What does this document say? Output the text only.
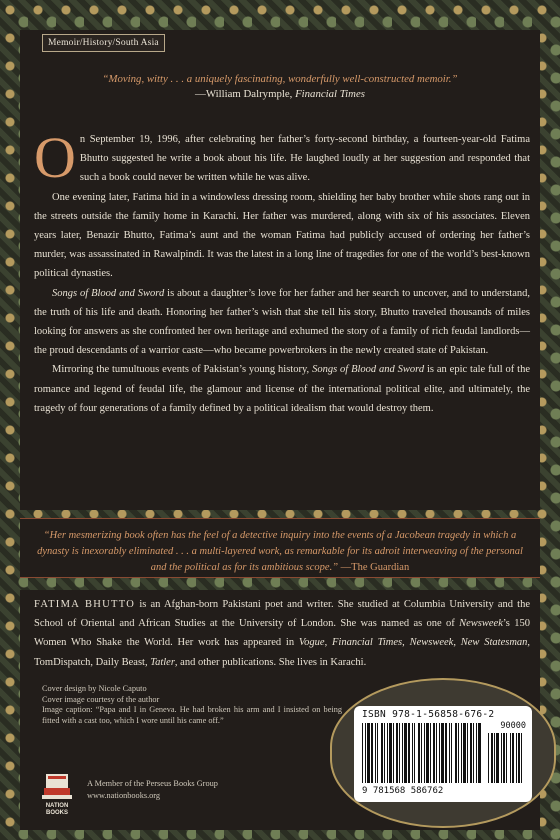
Memoir/History/South Asia
“Moving, witty . . . a uniquely fascinating, wonderfully well-constructed memoir.”
—William Dalrymple, Financial Times

On September 19, 1996, after celebrating her father’s forty-second birthday, a fourteen-year-old Fatima Bhutto suggested he write a book about his life. He laughed loudly at her suggestion and responded that such a book could never be written while he was alive.

One evening later, Fatima hid in a windowless dressing room, shielding her baby brother while shots rang out in the streets outside the family home in Karachi. Her father was murdered, along with six of his associates. Eleven years later, Benazir Bhutto, Fatima’s aunt and the woman Fatima had publicly accused of ordering her father’s murder, was assassinated in Rawalpindi. It was the latest in a long line of tragedies for one of the world’s best-known political dynasties.

Songs of Blood and Sword is about a daughter’s love for her father and her search to uncover, and to understand, the truth of his life and death. Honoring her father’s wish that she tell his story, Bhutto traveled thousands of miles looking for answers as she confronted her own heritage and exhumed the story of a family of rich feudal landlords—the proud descendants of a warrior caste—who became powerbrokers in the newly created state of Pakistan.

Mirroring the tumultuous events of Pakistan’s young history, Songs of Blood and Sword is an epic tale full of the romance and legend of feudal life, the glamour and license of the international political elite, and ultimately, the tragedy of four generations of a family defined by a political idealism that would destroy them.

“Her mesmerizing book often has the feel of a detective inquiry into the events of a Jacobean tragedy in which a dynasty is inexorably eliminated . . . a multi-layered work, as remarkable for its adroit interweaving of the personal and the political as for its ambitious scope.” —The Guardian
FATIMA BHUTTO is an Afghan-born Pakistani poet and writer. She studied at Columbia University and the School of Oriental and African Studies at the University of London. She was named as one of Newsweek’s 150 Women Who Shake the World. Her work has appeared in Vogue, Financial Times, Newsweek, New Statesman, TomDispatch, Daily Beast, Tatler, and other publications. She lives in Karachi.
Cover design by Nicole Caputo
Cover image courtesy of the author
Image caption: “Papa and I in Geneva. He had broken his arm and I insisted on being fitted with a cast too, which I wore until his came off.”
NATION
BOOKS
A Member of the Perseus Books Group
www.nationbooks.org
ISBN 978-1-56858-676-2
90000
9 781568 586762
